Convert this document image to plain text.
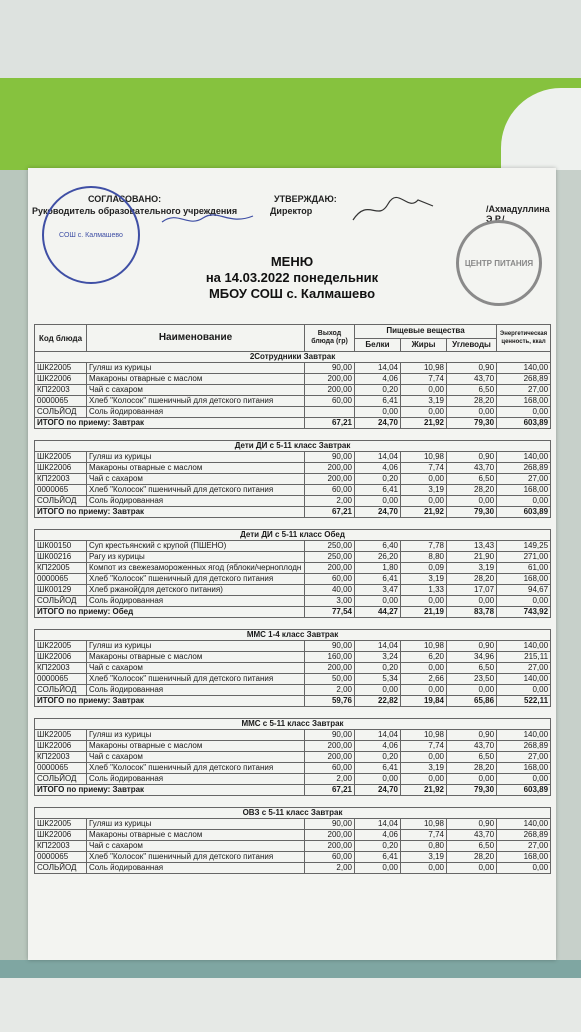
СОГЛАСОВАНО:
Руководитель образовательного учреждения
УТВЕРЖДАЮ:
Директор	/Ахмадуллина Э.Р./
СОШ с. Калмашево
ЦЕНТР ПИТАНИЯ
МЕНЮ
на 14.03.2022 понедельник
МБОУ СОШ с. Калмашево
Код блюда	Наименование	Выход блюда (гр)	Пищевые вещества			Энергетическая ценность, ккал
			Белки	Жиры	Углеводы	
2Сотрудники Завтрак						
ШК22005	Гуляш из курицы	90,00	14,04	10,98	0,90	140,00
ШК22006	Макароны отварные с маслом	200,00	4,06	7,74	43,70	268,89
КП22003	Чай с сахаром	200,00	0,20	0,00	6,50	27,00
0000065	Хлеб "Колосок" пшеничный для детского питания	60,00	6,41	3,19	28,20	168,00
СОЛЬЙОД	Соль йодированная		0,00	0,00	0,00	0,00
ИТОГО по приему: Завтрак		67,21	24,70	21,92	79,30	603,89

Дети ДИ с 5-11 класс Завтрак						
ШК22005	Гуляш из курицы	90,00	14,04	10,98	0,90	140,00
ШК22006	Макароны отварные с маслом	200,00	4,06	7,74	43,70	268,89
КП22003	Чай с сахаром	200,00	0,20	0,00	6,50	27,00
0000065	Хлеб "Колосок" пшеничный для детского питания	60,00	6,41	3,19	28,20	168,00
СОЛЬЙОД	Соль йодированная	2,00	0,00	0,00	0,00	0,00
ИТОГО по приему: Завтрак		67,21	24,70	21,92	79,30	603,89

Дети ДИ с 5-11 класс Обед						
ШК00150	Суп крестьянский с крупой (ПШЕНО)	250,00	6,40	7,78	13,43	149,25
ШК00216	Рагу из курицы	250,00	26,20	8,80	21,90	271,00
КП22005	Компот из свежезамороженных ягод (яблоки/черноплодн	200,00	1,80	0,09	3,19	61,00
0000065	Хлеб "Колосок" пшеничный для детского питания	60,00	6,41	3,19	28,20	168,00
ШК00129	Хлеб ржаной(для детского питания)	40,00	3,47	1,33	17,07	94,67
СОЛЬЙОД	Соль йодированная	3,00	0,00	0,00	0,00	0,00
ИТОГО по приему: Обед		77,54	44,27	21,19	83,78	743,92

ММС 1-4 класс Завтрак						
ШК22005	Гуляш из курицы	90,00	14,04	10,98	0,90	140,00
ШК22006	Макароны отварные с маслом	160,00	3,24	6,20	34,96	215,11
КП22003	Чай с сахаром	200,00	0,20	0,00	6,50	27,00
0000065	Хлеб "Колосок" пшеничный для детского питания	50,00	5,34	2,66	23,50	140,00
СОЛЬЙОД	Соль йодированная	2,00	0,00	0,00	0,00	0,00
ИТОГО по приему: Завтрак		59,76	22,82	19,84	65,86	522,11

ММС с 5-11 класс Завтрак						
ШК22005	Гуляш из курицы	90,00	14,04	10,98	0,90	140,00
ШК22006	Макароны отварные с маслом	200,00	4,06	7,74	43,70	268,89
КП22003	Чай с сахаром	200,00	0,20	0,00	6,50	27,00
0000065	Хлеб "Колосок" пшеничный для детского питания	60,00	6,41	3,19	28,20	168,00
СОЛЬЙОД	Соль йодированная	2,00	0,00	0,00	0,00	0,00
ИТОГО по приему: Завтрак		67,21	24,70	21,92	79,30	603,89

ОВЗ с 5-11 класс Завтрак						
ШК22005	Гуляш из курицы	90,00	14,04	10,98	0,90	140,00
ШК22006	Макароны отварные с маслом	200,00	4,06	7,74	43,70	268,89
КП22003	Чай с сахаром	200,00	0,20	0,80	6,50	27,00
0000065	Хлеб "Колосок" пшеничный для детского питания	60,00	6,41	3,19	28,20	168,00
СОЛЬЙОД	Соль йодированная	2,00	0,00	0,00	0,00	0,00
